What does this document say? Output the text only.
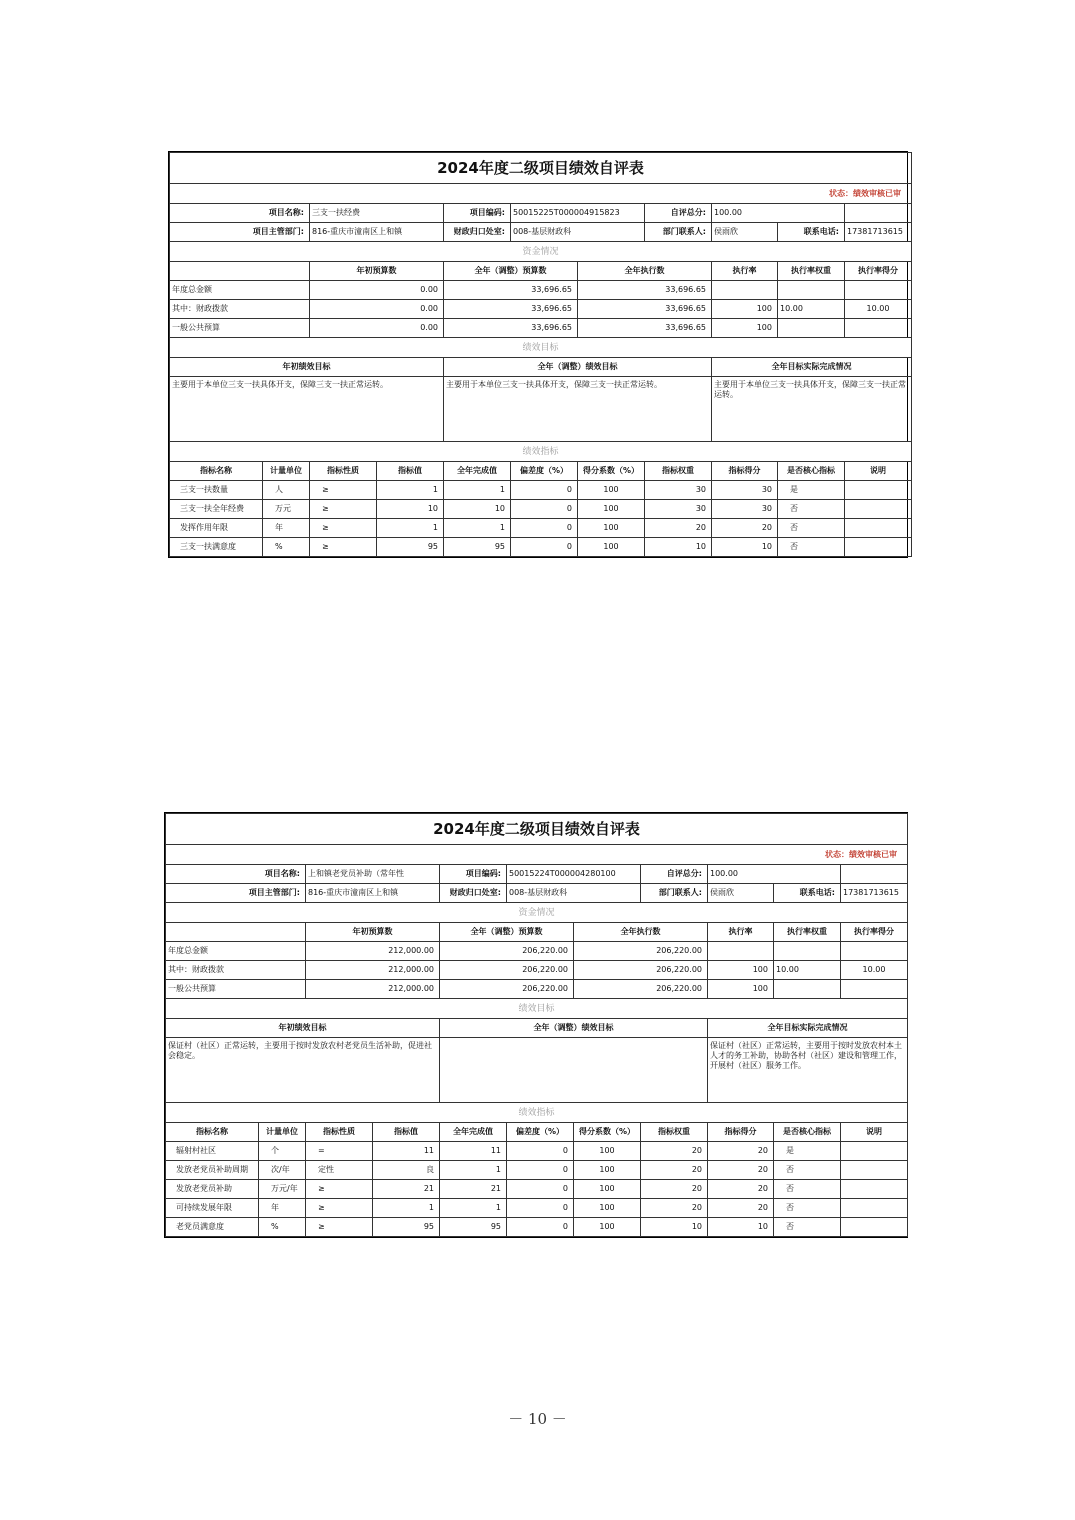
2024年度二级项目绩效自评表										
状态：绩效审核已审										
项目名称:		三支一扶经费		项目编码:	50015225T000004915823		自评总分:	100.00		
项目主管部门:		816-重庆市潼南区上和镇		财政归口处室:	008-基层财政科		部门联系人:	侯雨欣	联系电话:	17381713615
资金情况										
		年初预算数		全年（调整）预算数		全年执行数		执行率	执行率权重	执行率得分
年度总金额		0.00		33,696.65		33,696.65				
其中：财政拨款		0.00		33,696.65		33,696.65		100	10.00	10.00
一般公共预算		0.00		33,696.65		33,696.65		100		
绩效目标										
年初绩效目标				全年（调整）绩效目标				全年目标实际完成情况		
主要用于本单位三支一扶具体开支，保障三支一扶正常运转。				主要用于本单位三支一扶具体开支，保障三支一扶正常运转。				主要用于本单位三支一扶具体开支，保障三支一扶正常运转。		
绩效指标										
指标名称	计量单位	指标性质	指标值	全年完成值	偏差度（%）	得分系数（%）	指标权重	指标得分	是否核心指标	说明
三支一扶数量	人	≥	1	1	0	100	30	30	是	
三支一扶全年经费	万元	≥	10	10	0	100	30	30	否	
发挥作用年限	年	≥	1	1	0	100	20	20	否	
三支一扶满意度	%	≥	95	95	0	100	10	10	否	
2024年度二级项目绩效自评表										
状态：绩效审核已审										
项目名称:		上和镇老党员补助（常年性		项目编码:	50015224T000004280100		自评总分:	100.00		
项目主管部门:		816-重庆市潼南区上和镇		财政归口处室:	008-基层财政科		部门联系人:	侯雨欣	联系电话:	17381713615
资金情况										
		年初预算数		全年（调整）预算数		全年执行数		执行率	执行率权重	执行率得分
年度总金额		212,000.00		206,220.00		206,220.00				
其中：财政拨款		212,000.00		206,220.00		206,220.00		100	10.00	10.00
一般公共预算		212,000.00		206,220.00		206,220.00		100		
绩效目标										
年初绩效目标				全年（调整）绩效目标				全年目标实际完成情况		
保证村（社区）正常运转，主要用于按时发放农村老党员生活补助，促进社会稳定。								保证村（社区）正常运转，主要用于按时发放农村本土人才的务工补助，协助各村（社区）建设和管理工作，开展村（社区）服务工作。		
绩效指标										
指标名称	计量单位	指标性质	指标值	全年完成值	偏差度（%）	得分系数（%）	指标权重	指标得分	是否核心指标	说明
辐射村社区	个	=	11	11	0	100	20	20	是	
发放老党员补助周期	次/年	定性	良	1	0	100	20	20	否	
发放老党员补助	万元/年	≥	21	21	0	100	20	20	否	
可持续发展年限	年	≥	1	1	0	100	20	20	否	
老党员满意度	%	≥	95	95	0	100	10	10	否	
－ 10 －
